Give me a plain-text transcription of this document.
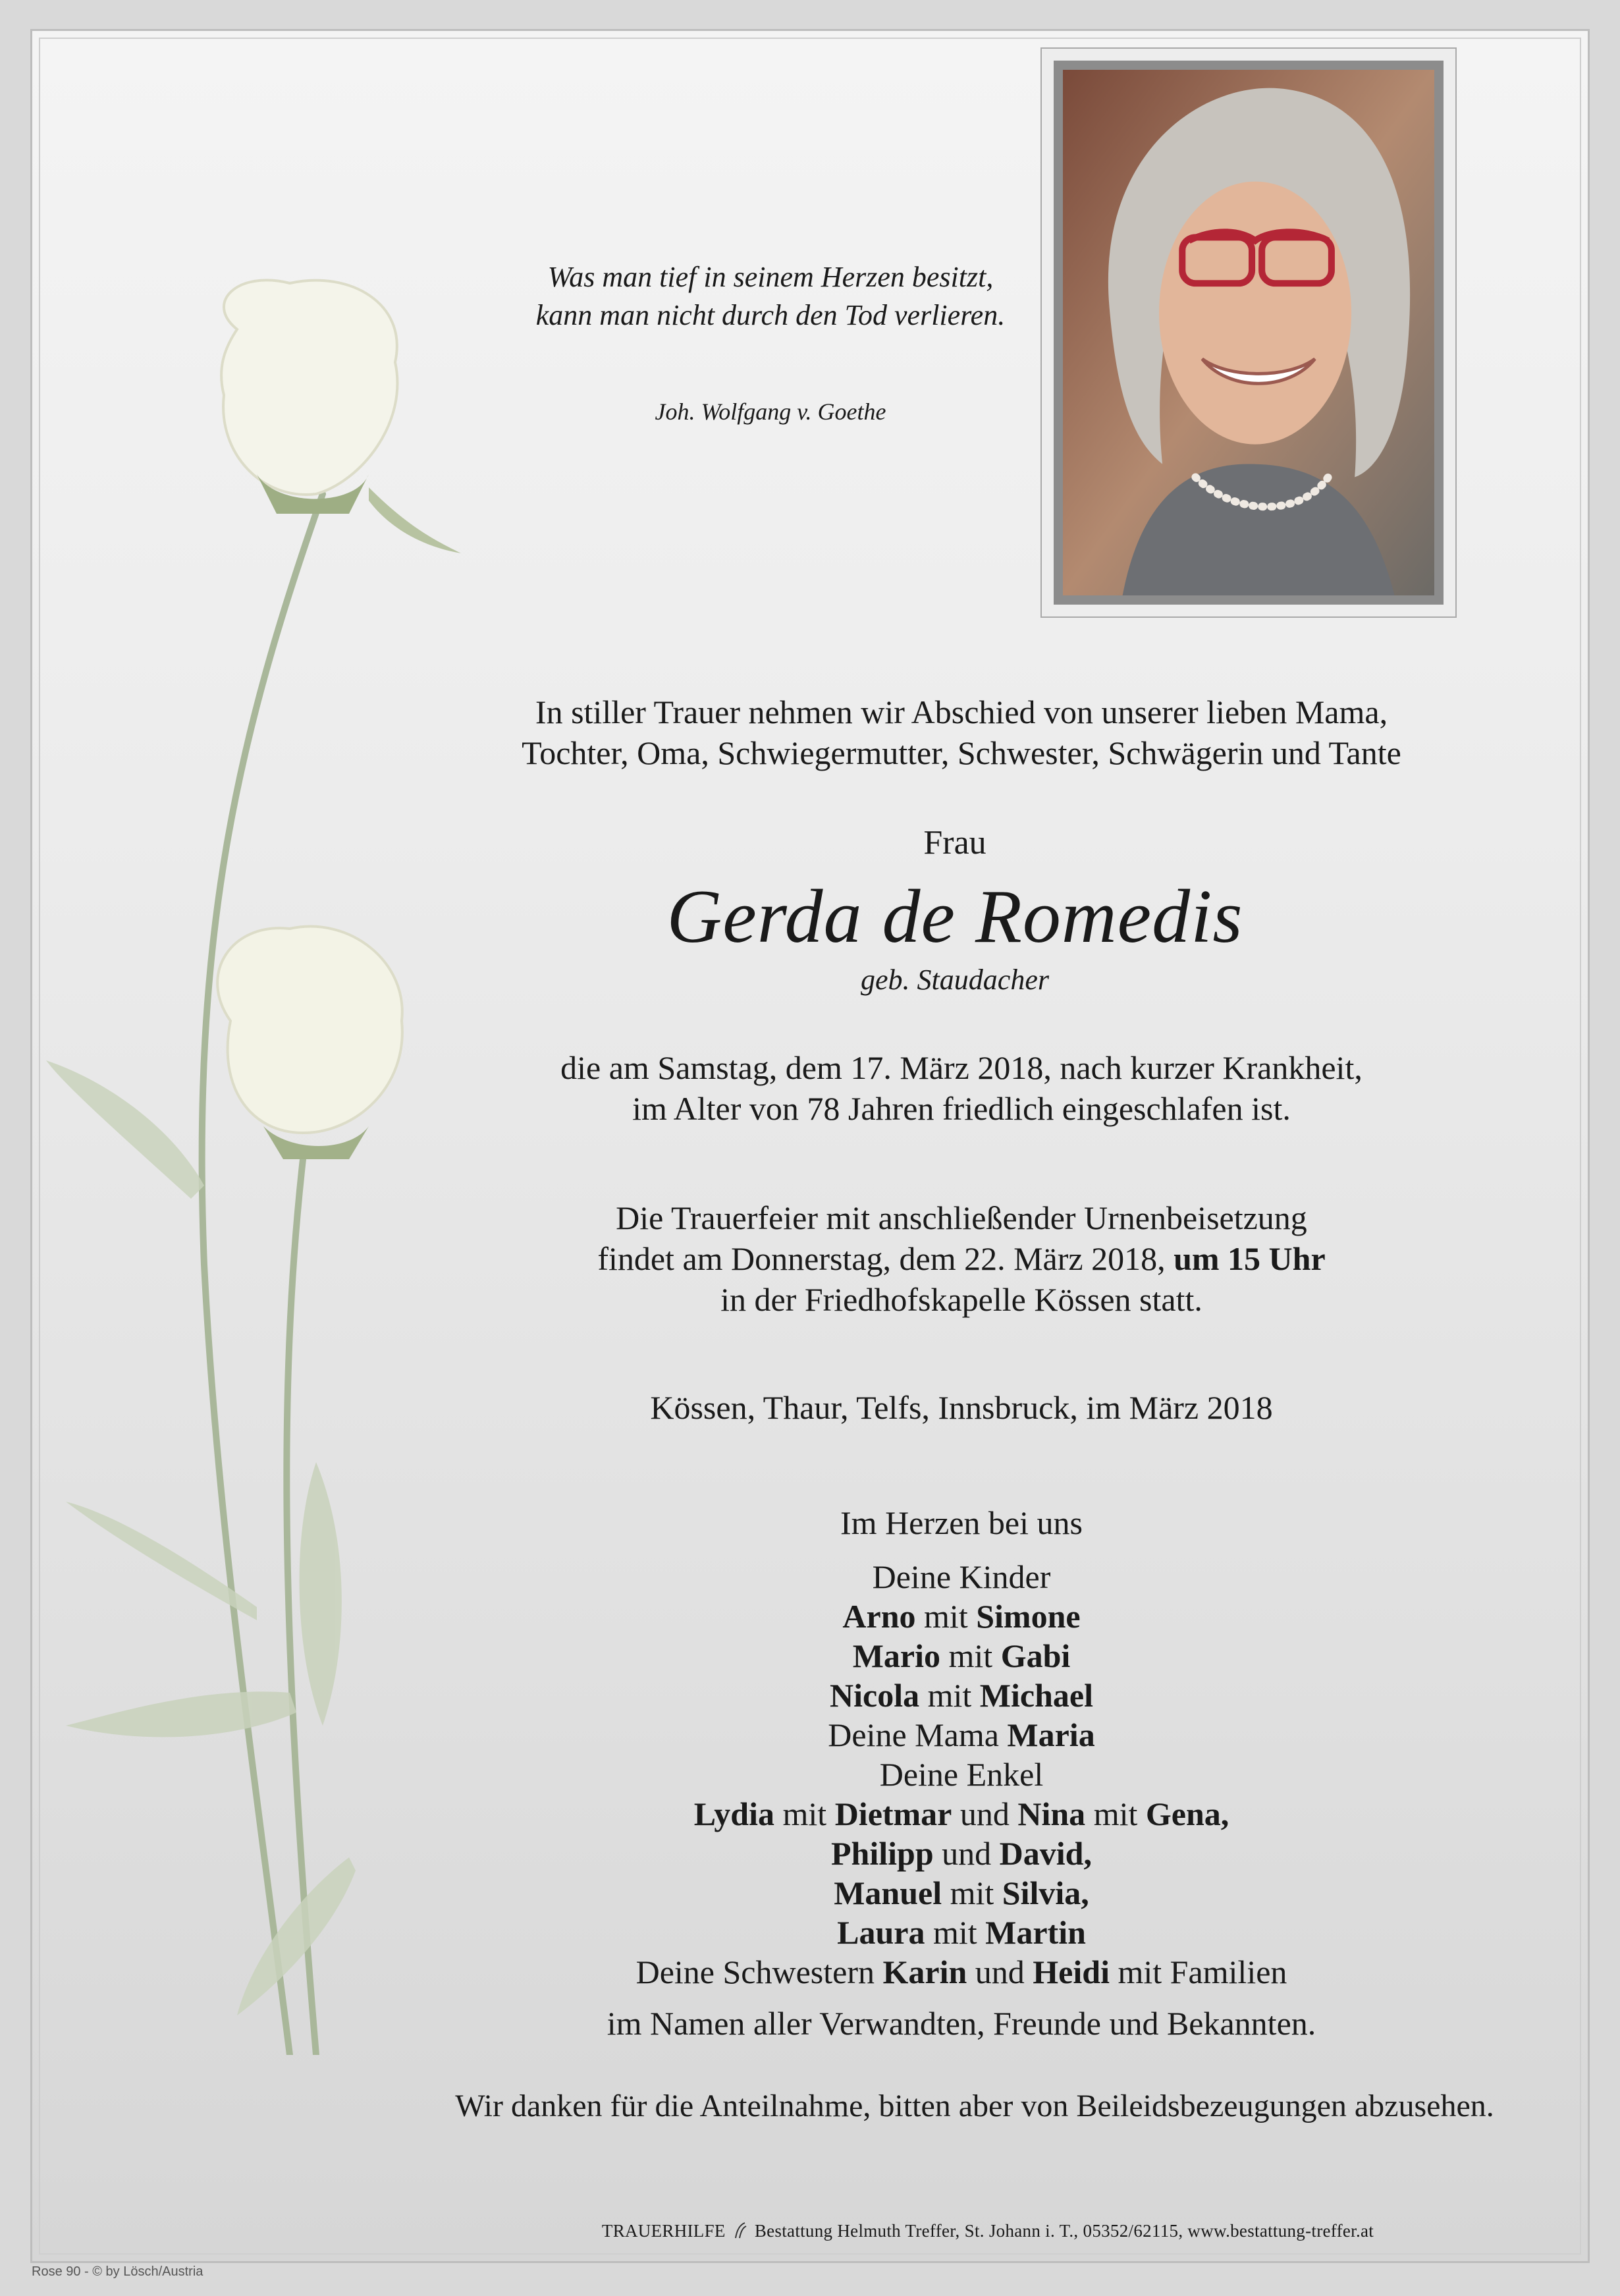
Was man tief in seinem Herzen besitzt,
kann man nicht durch den Tod verlieren.
Joh. Wolfgang v. Goethe
In stiller Trauer nehmen wir Abschied von unserer lieben Mama,
Tochter, Oma, Schwiegermutter, Schwester, Schwägerin und Tante
Frau
Gerda de Romedis
geb. Staudacher
die am Samstag, dem 17. März 2018, nach kurzer Krankheit,
im Alter von 78 Jahren friedlich eingeschlafen ist.
Die Trauerfeier mit anschließender Urnenbeisetzung
findet am Donnerstag, dem 22. März 2018, um 15 Uhr
in der Friedhofskapelle Kössen statt.
Kössen, Thaur, Telfs, Innsbruck, im März 2018
Im Herzen bei uns
Deine Kinder
Arno mit Simone
Mario mit Gabi
Nicola mit Michael
Deine Mama Maria
Deine Enkel
Lydia mit Dietmar und Nina mit Gena,
Philipp und David,
Manuel mit Silvia,
Laura mit Martin
Deine Schwestern Karin und Heidi mit Familien
im Namen aller Verwandten, Freunde und Bekannten.
Wir danken für die Anteilnahme, bitten aber von Beileidsbezeugungen abzusehen.
TRAUERHILFE Bestattung Helmuth Treffer, St. Johann i. T., 05352/62115, www.bestattung-treffer.at
Rose 90 - © by Lösch/Austria
